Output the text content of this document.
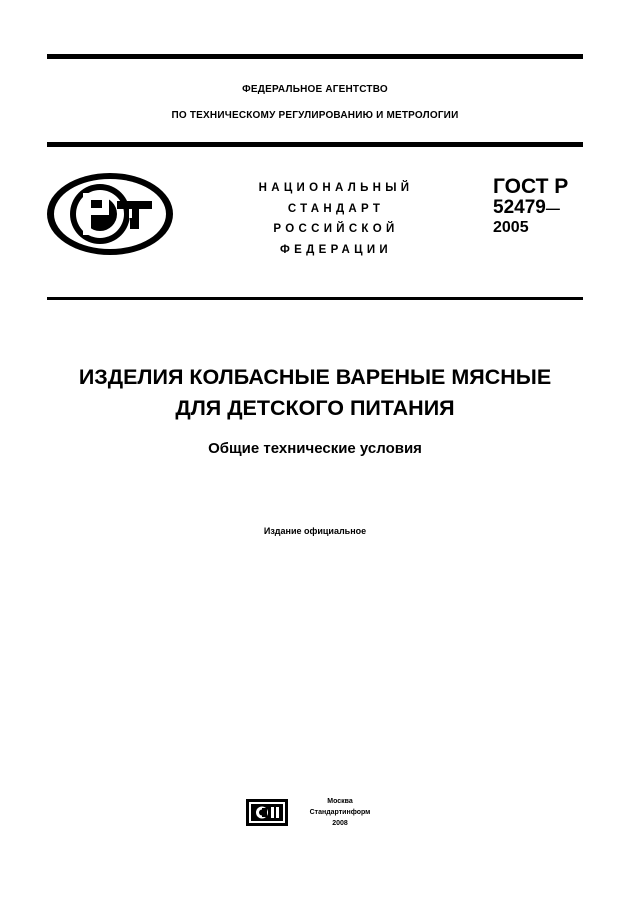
ФЕДЕРАЛЬНОЕ АГЕНТСТВО
ПО ТЕХНИЧЕСКОМУ РЕГУЛИРОВАНИЮ И МЕТРОЛОГИИ
НАЦИОНАЛЬНЫЙ
СТАНДАРТ
РОССИЙСКОЙ
ФЕДЕРАЦИИ
ГОСТ Р
52479—
2005
ИЗДЕЛИЯ КОЛБАСНЫЕ ВАРЕНЫЕ МЯСНЫЕ
ДЛЯ ДЕТСКОГО ПИТАНИЯ
Общие технические условия
Издание официальное
Москва
Стандартинформ
2008
